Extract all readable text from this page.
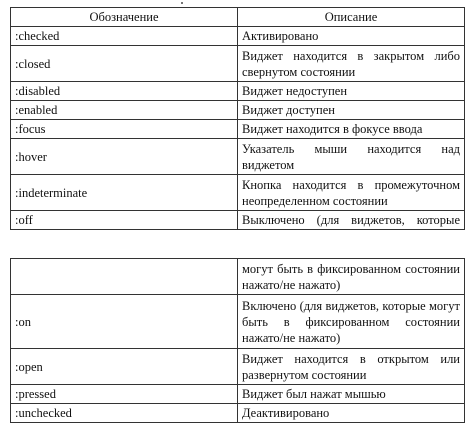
Обозначение	Описание
:checked	Активировано
:closed	Виджет находится в закрытом либо свернутом состоянии
:disabled	Виджет недоступен
:enabled	Виджет доступен
:focus	Виджет находится в фокусе ввода
:hover	Указатель мыши находится над виджетом
:indeterminate	Кнопка находится в промежуточном неопределенном состоянии
:off	Выключено (для виджетов, которые
	могут быть в фиксированном состоянии нажато/не нажато)
:on	Включено (для виджетов, которые могут быть в фиксированном состоянии нажато/не нажато)
:open	Виджет находится в открытом или развернутом состоянии
:pressed	Виджет был нажат мышью
:unchecked	Деактивировано
